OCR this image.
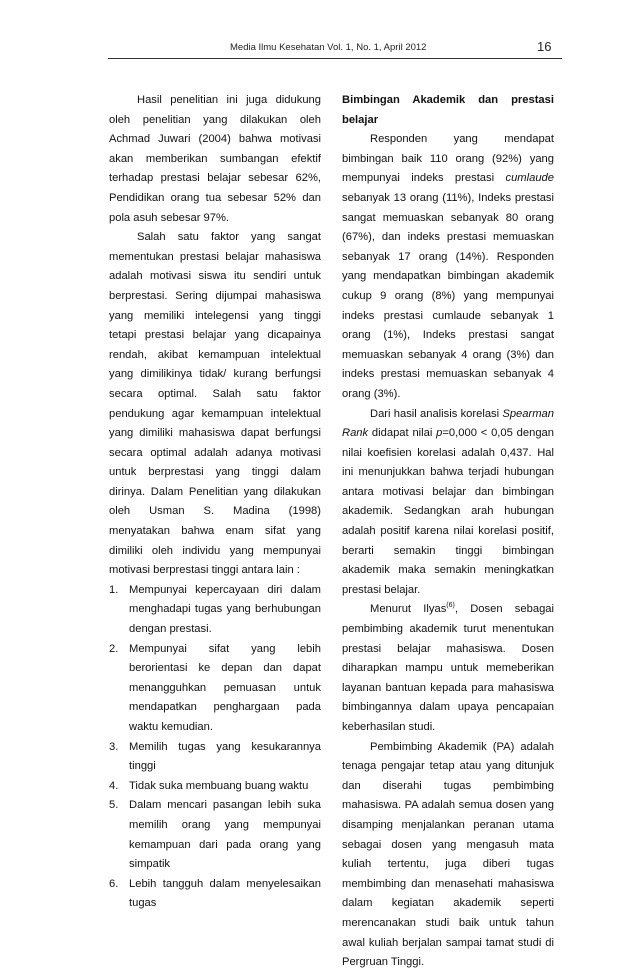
Media Ilmu Kesehatan Vol. 1, No. 1, April 2012	16

Hasil penelitian ini juga didukung oleh penelitian yang dilakukan oleh Achmad Juwari (2004) bahwa motivasi akan memberikan sumbangan efektif terhadap prestasi belajar sebesar 62%, Pendidikan orang tua sebesar 52% dan pola asuh sebesar 97%.

Salah satu faktor yang sangat mementukan prestasi belajar mahasiswa adalah motivasi siswa itu sendiri untuk berprestasi. Sering dijumpai mahasiswa yang memiliki intelegensi yang tinggi tetapi prestasi belajar yang dicapainya rendah, akibat kemampuan intelektual yang dimilikinya tidak/ kurang berfungsi secara optimal. Salah satu faktor pendukung agar kemampuan intelektual yang dimiliki mahasiswa dapat berfungsi secara optimal adalah adanya motivasi untuk berprestasi yang tinggi dalam dirinya. Dalam Penelitian yang dilakukan oleh Usman S. Madina (1998) menyatakan bahwa enam sifat yang dimiliki oleh individu yang mempunyai motivasi berprestasi tinggi antara lain :

1. Mempunyai kepercayaan diri dalam menghadapi tugas yang berhubungan dengan prestasi.
2. Mempunyai sifat yang lebih berorientasi ke depan dan dapat menangguhkan pemuasan untuk mendapatkan penghargaan pada waktu kemudian.
3. Memilih tugas yang kesukarannya tinggi
4. Tidak suka membuang buang waktu
5. Dalam mencari pasangan lebih suka memilih orang yang mempunyai kemampuan dari pada orang yang simpatik
6. Lebih tangguh dalam menyelesaikan tugas

Bimbingan Akademik dan prestasi belajar

Responden yang mendapat bimbingan baik 110 orang (92%) yang mempunyai indeks prestasi cumlaude sebanyak 13 orang (11%), Indeks prestasi sangat memuaskan sebanyak 80 orang (67%), dan indeks prestasi memuaskan sebanyak 17 orang (14%). Responden yang mendapatkan bimbingan akademik cukup 9 orang (8%) yang mempunyai indeks prestasi cumlaude sebanyak 1 orang (1%), Indeks prestasi sangat memuaskan sebanyak 4 orang (3%) dan indeks prestasi memuaskan sebanyak 4 orang (3%).

Dari hasil analisis korelasi Spearman Rank didapat nilai p=0,000 < 0,05 dengan nilai koefisien korelasi adalah 0,437. Hal ini menunjukkan bahwa terjadi hubungan antara motivasi belajar dan bimbingan akademik. Sedangkan arah hubungan adalah positif karena nilai korelasi positif, berarti semakin tinggi bimbingan akademik maka semakin meningkatkan prestasi belajar.

Menurut Ilyas$^{(6)}$, Dosen sebagai pembimbing akademik turut menentukan prestasi belajar mahasiswa. Dosen diharapkan mampu untuk memeberikan layanan bantuan kepada para mahasiswa bimbingannya dalam upaya pencapaian keberhasilan studi.

Pembimbing Akademik (PA) adalah tenaga pengajar tetap atau yang ditunjuk dan diserahi tugas pembimbing mahasiswa. PA adalah semua dosen yang disamping menjalankan peranan utama sebagai dosen yang mengasuh mata kuliah tertentu, juga diberi tugas membimbing dan menasehati mahasiswa dalam kegiatan akademik seperti merencanakan studi baik untuk tahun awal kuliah berjalan sampai tamat studi di Pergruan Tinggi.
